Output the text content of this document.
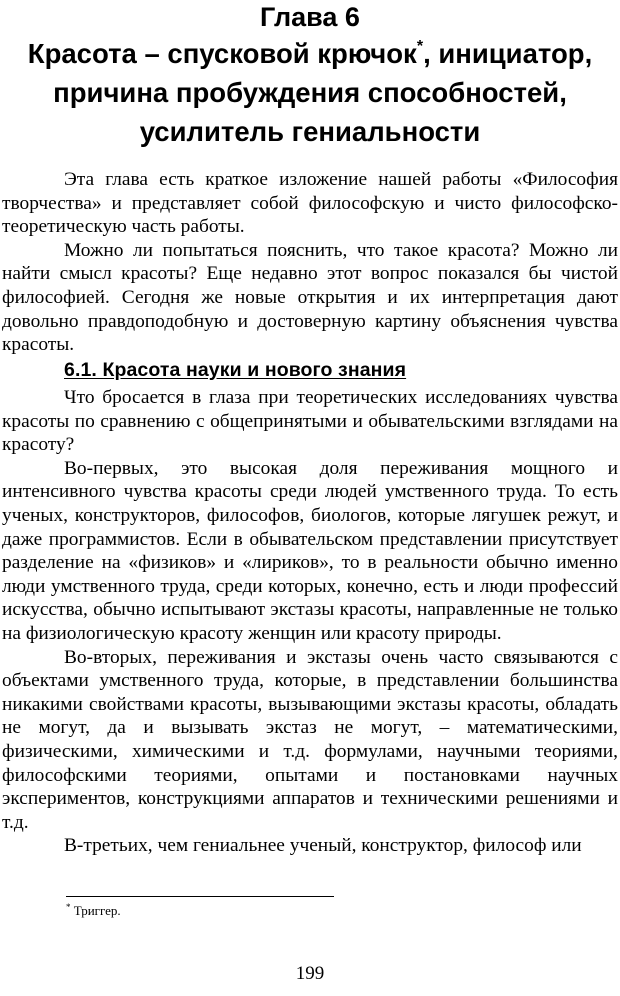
Глава 6
Красота – спусковой крючок*, инициатор,
причина пробуждения способностей,
усилитель гениальности

Эта глава есть краткое изложение нашей работы «Философия творчества» и представляет собой философскую и чисто философско-теоретическую часть работы.

Можно ли попытаться пояснить, что такое красота? Можно ли найти смысл красоты? Еще недавно этот вопрос показался бы чистой философией. Сегодня же новые открытия и их интерпретация дают довольно правдоподобную и достоверную картину объяснения чувства красоты.

6.1. Красота науки и нового знания

Что бросается в глаза при теоретических исследованиях чувства красоты по сравнению с общепринятыми и обывательскими взглядами на красоту?

Во-первых, это высокая доля переживания мощного и интенсивного чувства красоты среди людей умственного труда. То есть ученых, конструкторов, философов, биологов, которые лягушек режут, и даже программистов. Если в обывательском представлении присутствует разделение на «физиков» и «лириков», то в реальности обычно именно люди умственного труда, среди которых, конечно, есть и люди профессий искусства, обычно испытывают экстазы красоты, направленные не только на физиологическую красоту женщин или красоту природы.

Во-вторых, переживания и экстазы очень часто связываются с объектами умственного труда, которые, в представлении большинства никакими свойствами красоты, вызывающими экстазы красоты, обладать не могут, да и вызывать экстаз не могут, – математическими, физическими, химическими и т.д. формулами, научными теориями, философскими теориями, опытами и постановками научных экспериментов, конструкциями аппаратов и техническими решениями и т.д.

В-третьих, чем гениальнее ученый, конструктор, философ или

* Триггер.
199
